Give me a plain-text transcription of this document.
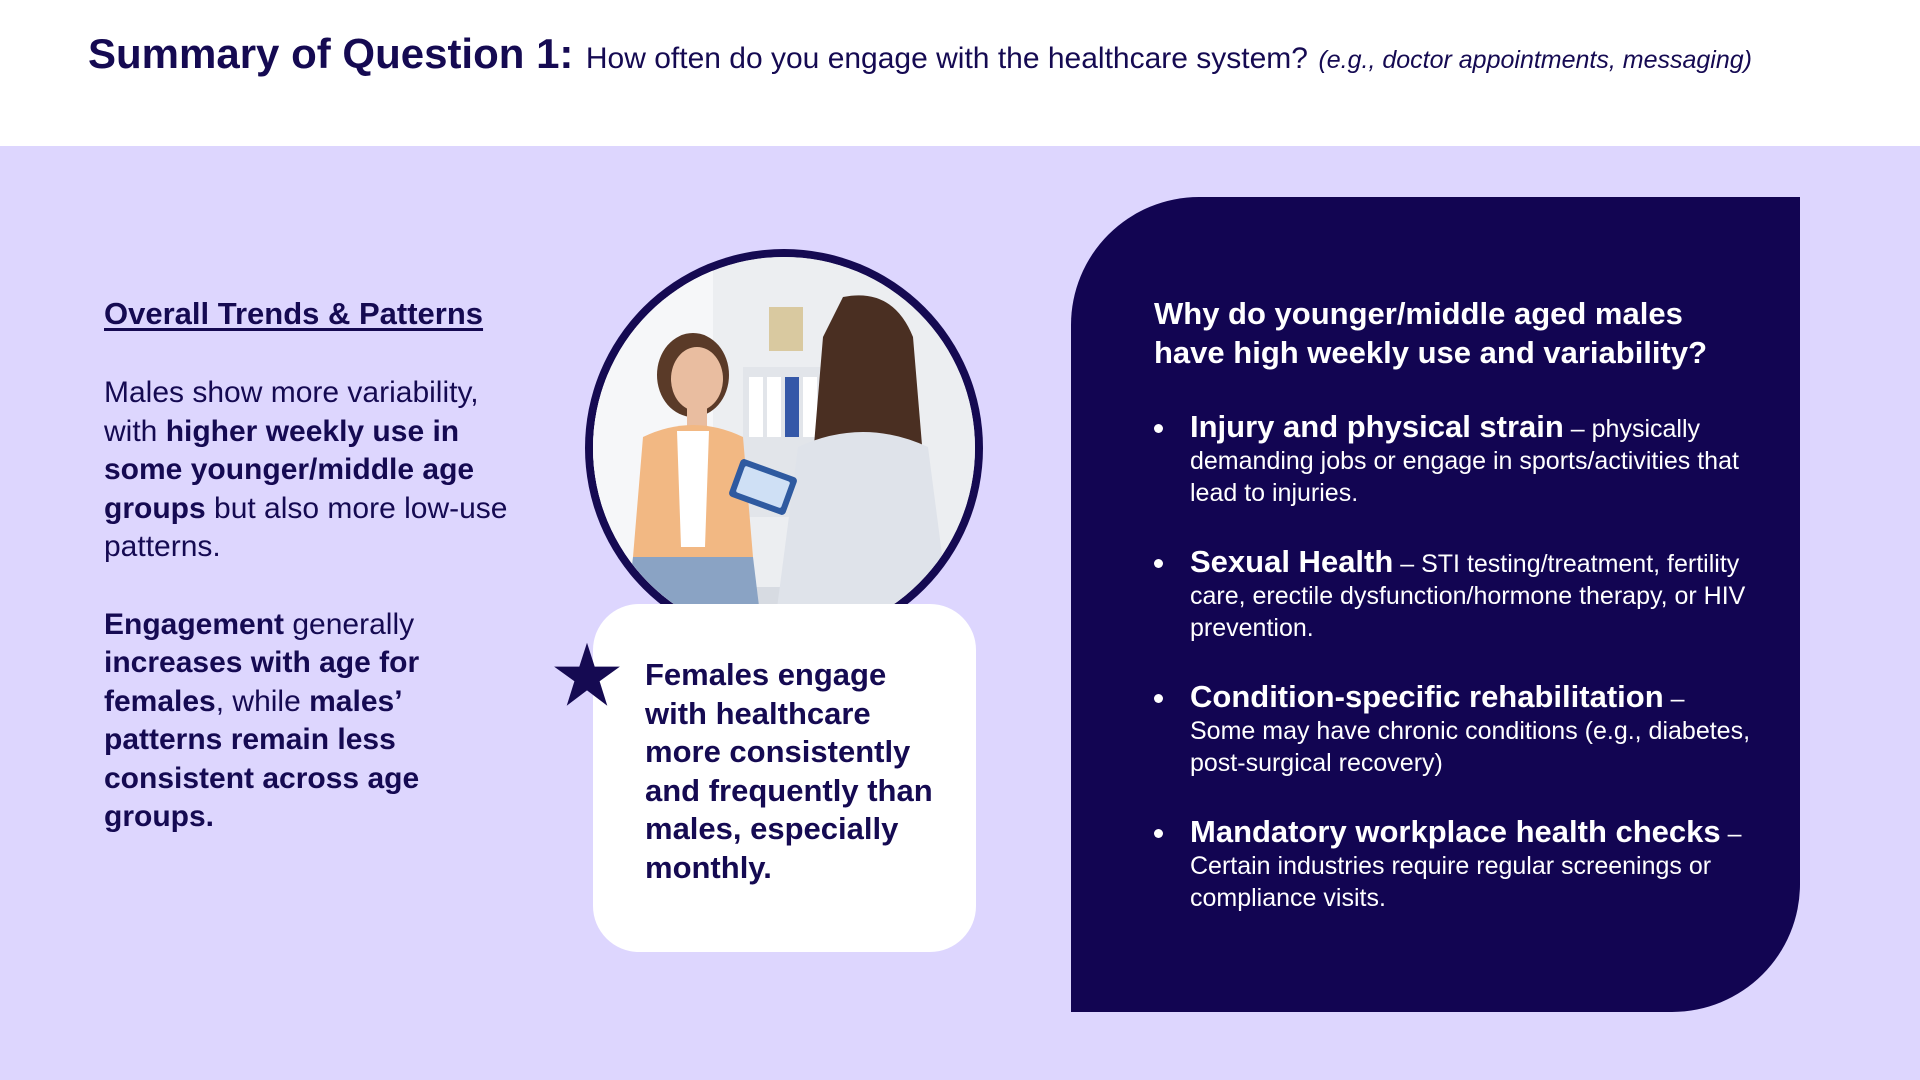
Summary of Question 1: How often do you engage with the healthcare system? (e.g., doctor appointments, messaging)
Overall Trends & Patterns

Males show more variability, with higher weekly use in some younger/middle age groups but also more low-use patterns.

Engagement generally increases with age for females, while males’ patterns remain less consistent across age groups.

Females engage with healthcare more consistently and frequently than males, especially monthly.

Why do younger/middle aged males have high weekly use and variability?

Injury and physical strain – physically demanding jobs or engage in sports/activities that lead to injuries.
Sexual Health – STI testing/treatment, fertility care, erectile dysfunction/hormone therapy, or HIV prevention.
Condition-specific rehabilitation – Some may have chronic conditions (e.g., diabetes, post-surgical recovery)
Mandatory workplace health checks – Certain industries require regular screenings or compliance visits.
